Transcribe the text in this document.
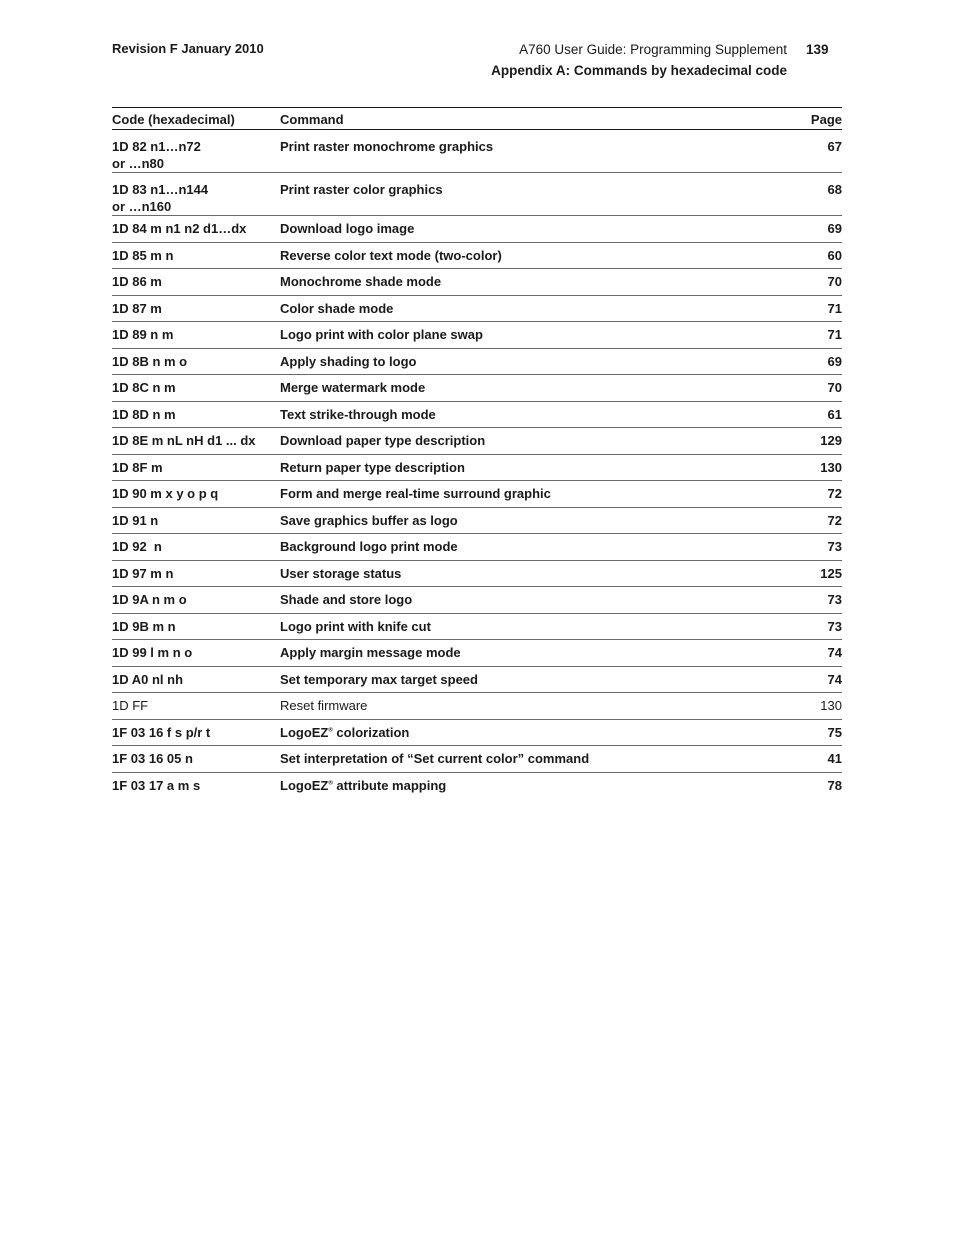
Revision F January 2010	A760 User Guide: Programming Supplement
Appendix A: Commands by hexadecimal code
139
Code (hexadecimal)	Command	Page

1D 82 n1…n72
or …n80	Print raster monochrome graphics	67

1D 83 n1…n144
or …n160	Print raster color graphics	68
1D 84 m n1 n2 d1…dx	Download logo image	69
1D 85 m n	Reverse color text mode (two-color)	60
1D 86 m	Monochrome shade mode	70
1D 87 m	Color shade mode	71
1D 89 n m	Logo print with color plane swap	71
1D 8B n m o	Apply shading to logo	69
1D 8C n m	Merge watermark mode	70
1D 8D n m	Text strike-through mode	61
1D 8E m nL nH d1 ... dx	Download paper type description	129
1D 8F m	Return paper type description	130
1D 90 m x y o p q	Form and merge real-time surround graphic	72
1D 91 n	Save graphics buffer as logo	72
1D 92  n	Background logo print mode	73
1D 97 m n	User storage status	125
1D 9A n m o	Shade and store logo	73
1D 9B m n	Logo print with knife cut	73
1D 99 l m n o	Apply margin message mode	74
1D A0 nl nh	Set temporary max target speed	74
1D FF	Reset firmware	130
1F 03 16 f s p/r t	LogoEZ® colorization	75
1F 03 16 05 n	Set interpretation of “Set current color” command	41
1F 03 17 a m s	LogoEZ® attribute mapping	78
